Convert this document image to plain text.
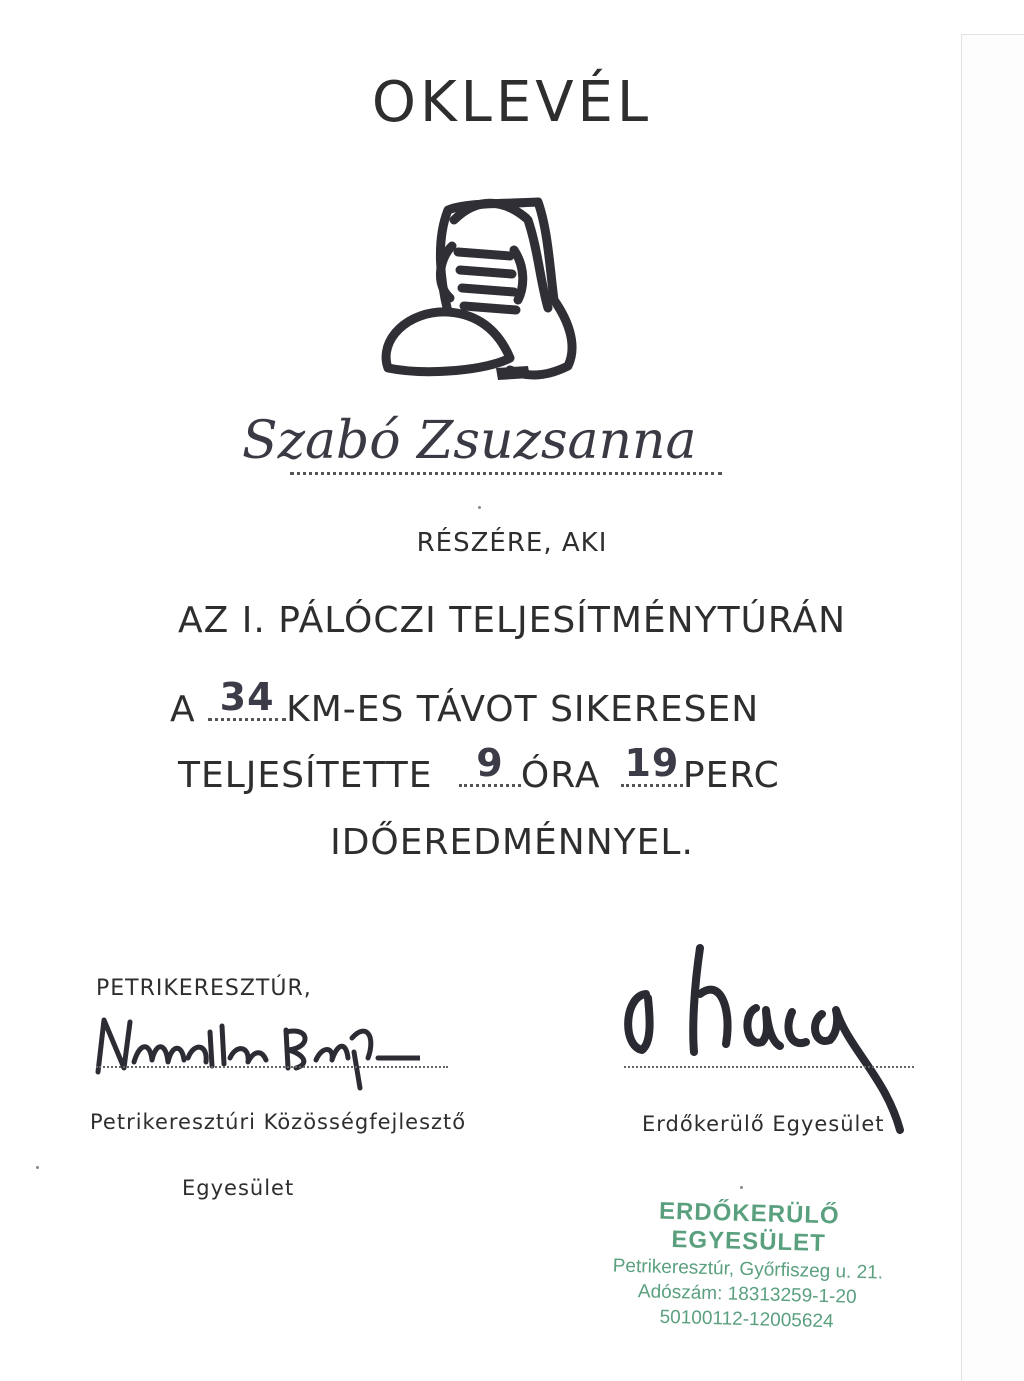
OKLEVÉL
Szabó Zsuzsanna
RÉSZÉRE, AKI
AZ I. PÁLÓCZI TELJESÍTMÉNYTÚRÁN
A 34 KM-ES TÁVOT SIKERESEN
TELJESÍTETTE	9 ÓRA 19 PERC
IDŐEREDMÉNNYEL.
PETRIKERESZTÚR,
Petrikeresztúri Közösségfejlesztő
Egyesület
Erdőkerülő Egyesület
ERDŐKERÜLŐ EGYESÜLET
Petrikeresztúr, Győrfiszeg u. 21.
Adószám: 18313259-1-20
50100112-12005624
